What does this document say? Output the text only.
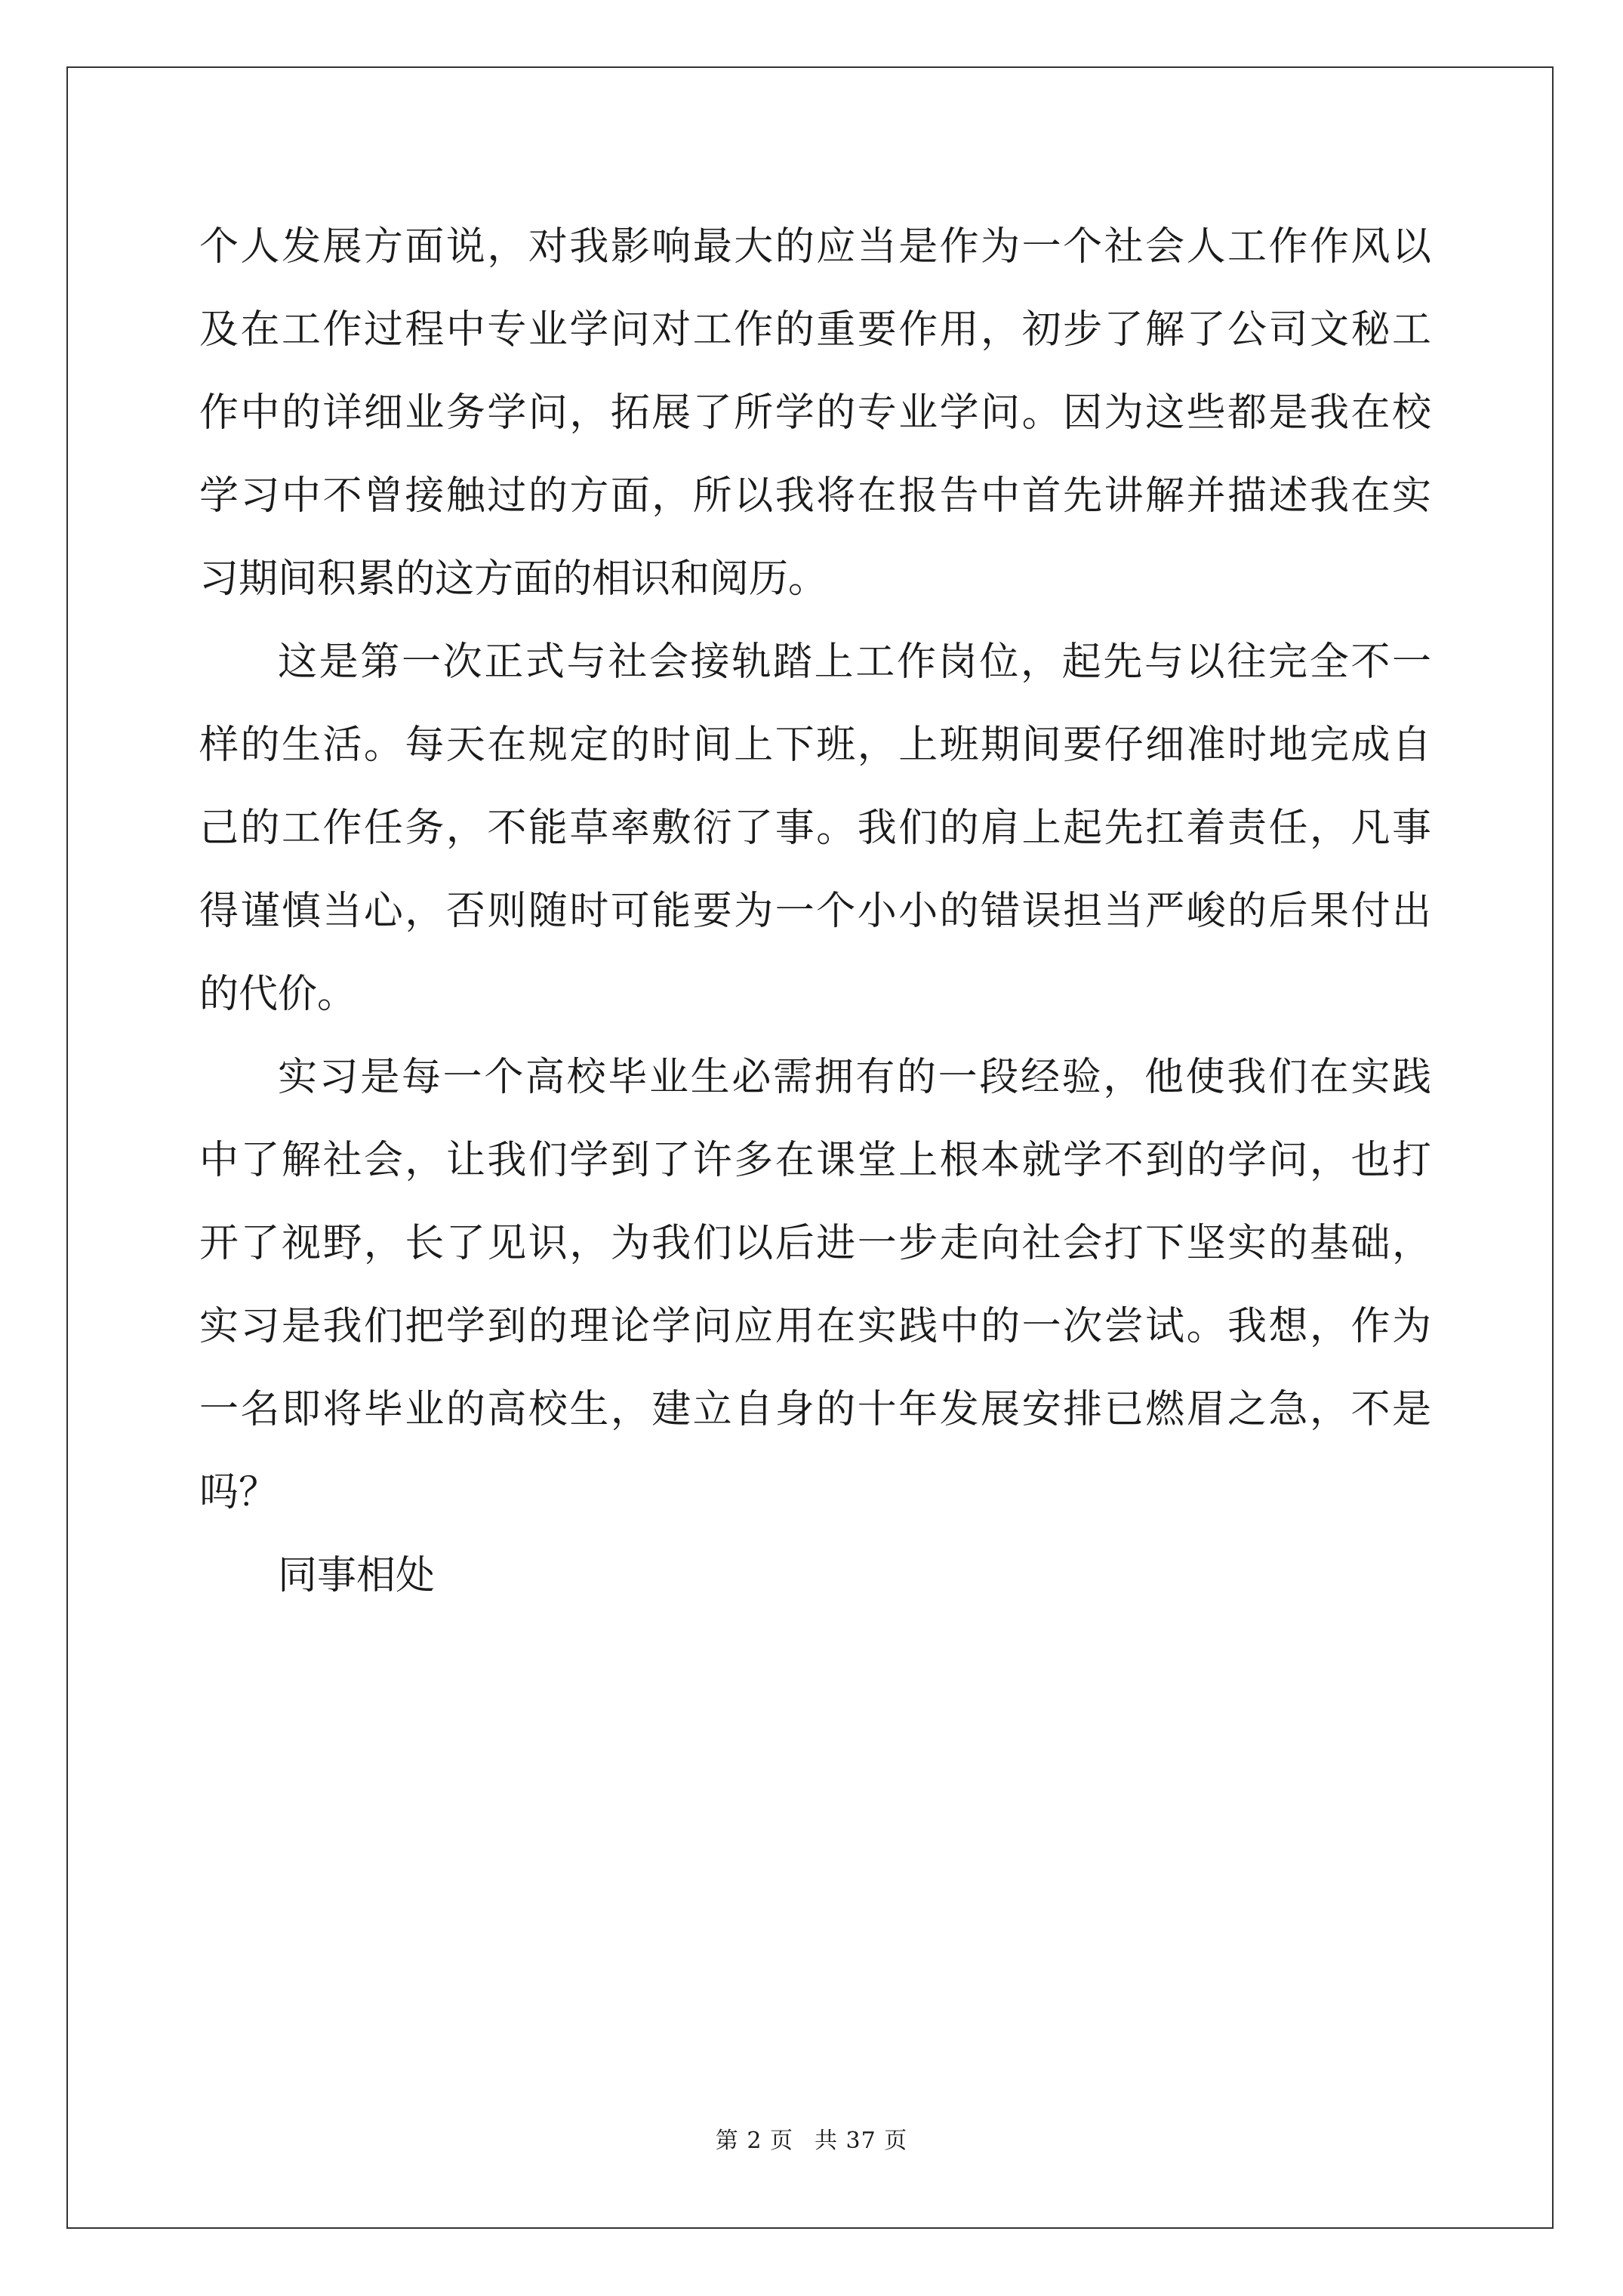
个人发展方面说，对我影响最大的应当是作为一个社会人工作作风以
及在工作过程中专业学问对工作的重要作用，初步了解了公司文秘工
作中的详细业务学问，拓展了所学的专业学问。因为这些都是我在校
学习中不曾接触过的方面，所以我将在报告中首先讲解并描述我在实
习期间积累的这方面的相识和阅历。
这是第一次正式与社会接轨踏上工作岗位，起先与以往完全不一
样的生活。每天在规定的时间上下班，上班期间要仔细准时地完成自
己的工作任务，不能草率敷衍了事。我们的肩上起先扛着责任，凡事
得谨慎当心，否则随时可能要为一个小小的错误担当严峻的后果付出
的代价。
实习是每一个高校毕业生必需拥有的一段经验，他使我们在实践
中了解社会，让我们学到了许多在课堂上根本就学不到的学问，也打
开了视野，长了见识，为我们以后进一步走向社会打下坚实的基础，
实习是我们把学到的理论学问应用在实践中的一次尝试。我想，作为
一名即将毕业的高校生，建立自身的十年发展安排已燃眉之急，不是
吗？
同事相处
第 2 页 共 37 页
